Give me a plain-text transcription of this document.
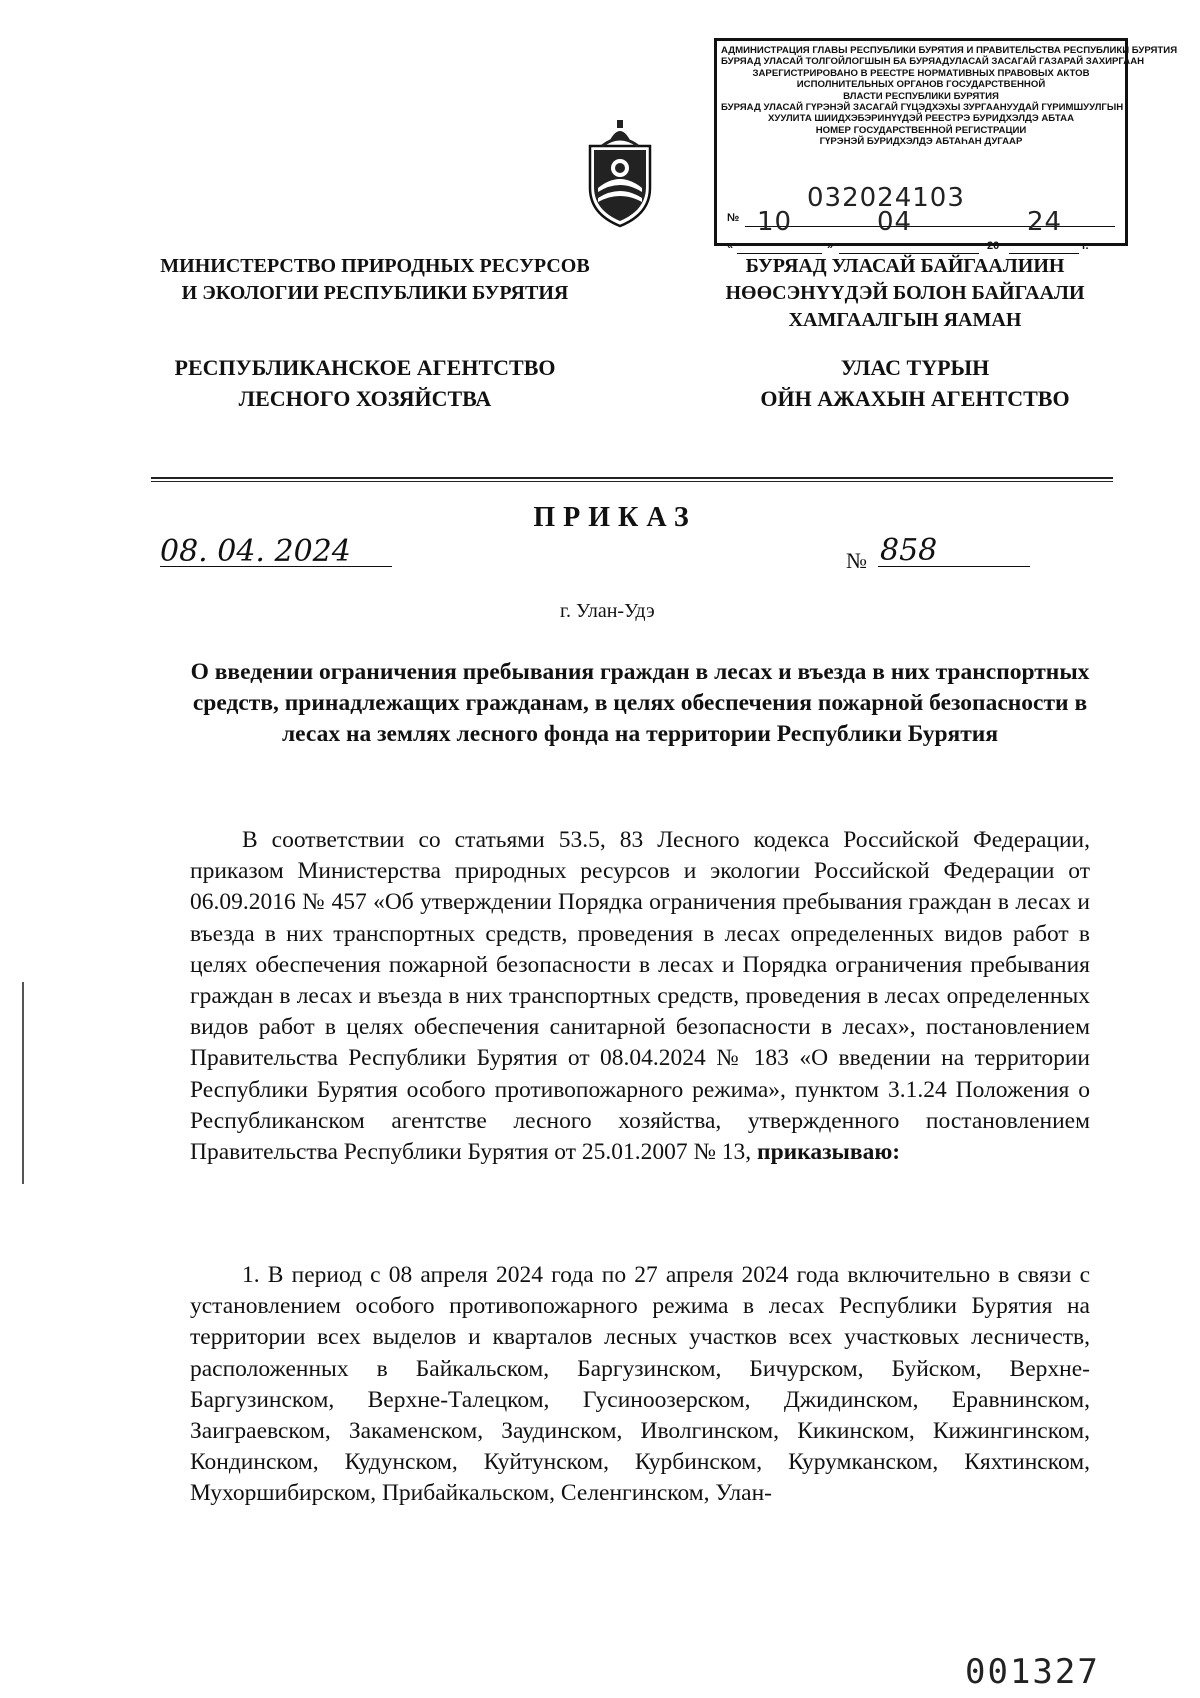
АДМИНИСТРАЦИЯ ГЛАВЫ РЕСПУБЛИКИ БУРЯТИЯ И ПРАВИТЕЛЬСТВА РЕСПУБЛИКИ БУРЯТИЯ
БУРЯАД УЛАСАЙ ТОЛГОЙЛОГШЫН БА БУРЯАДУЛАСАЙ ЗАСАГАЙ ГАЗАРАЙ ЗАХИРГААН
ЗАРЕГИСТРИРОВАНО В РЕЕСТРЕ НОРМАТИВНЫХ ПРАВОВЫХ АКТОВ
ИСПОЛНИТЕЛЬНЫХ ОРГАНОВ ГОСУДАРСТВЕННОЙ
ВЛАСТИ РЕСПУБЛИКИ БУРЯТИЯ
БУРЯАД УЛАСАЙ ГҮРЭНЭЙ ЗАСАГАЙ ГҮЦЭДХЭХЫ ЗУРГААНУУДАЙ ГҮРИМШУУЛГЫН
ХУУЛИТА ШИИДХЭБЭРИНҮҮДЭЙ РЕЕСТРЭ БУРИДХЭЛДЭ АБТАА
НОМЕР ГОСУДАРСТВЕННОЙ РЕГИСТРАЦИИ
ГҮРЭНЭЙ БУРИДХЭЛДЭ АБТАҺАН ДУГААР
№
032024103
«
10
»
04
20
24
г.
МИНИСТЕРСТВО ПРИРОДНЫХ РЕСУРСОВ
И ЭКОЛОГИИ РЕСПУБЛИКИ БУРЯТИЯ
РЕСПУБЛИКАНСКОЕ АГЕНТСТВО
ЛЕСНОГО ХОЗЯЙСТВА
БУРЯАД УЛАСАЙ БАЙГААЛИИН
НӨӨСЭНҮҮДЭЙ БОЛОН БАЙГААЛИ
ХАМГААЛГЫН ЯАМАН
УЛАС ТҮРЫН
ОЙН АЖАХЫН АГЕНТСТВО
ПРИКАЗ
08. 04. 2024	№ 858
г. Улан-Удэ
О введении ограничения пребывания граждан в лесах и въезда в них транспортных средств, принадлежащих гражданам, в целях обеспечения пожарной безопасности в лесах на землях лесного фонда на территории Республики Бурятия
В соответствии со статьями 53.5, 83 Лесного кодекса Российской Федерации, приказом Министерства природных ресурсов и экологии Российской Федерации от 06.09.2016 № 457 «Об утверждении Порядка ограничения пребывания граждан в лесах и въезда в них транспортных средств, проведения в лесах определенных видов работ в целях обеспечения пожарной безопасности в лесах и Порядка ограничения пребывания граждан в лесах и въезда в них транспортных средств, проведения в лесах определенных видов работ в целях обеспечения санитарной безопасности в лесах», постановлением Правительства Республики Бурятия от 08.04.2024 № 183 «О введении на территории Республики Бурятия особого противопожарного режима», пунктом 3.1.24 Положения о Республиканском агентстве лесного хозяйства, утвержденного постановлением Правительства Республики Бурятия от 25.01.2007 № 13, приказываю:
1. В период с 08 апреля 2024 года по 27 апреля 2024 года включительно в связи с установлением особого противопожарного режима в лесах Республики Бурятия на территории всех выделов и кварталов лесных участков всех участковых лесничеств, расположенных в Байкальском, Баргузинском, Бичурском, Буйском, Верхне-Баргузинском, Верхне-Талецком, Гусиноозерском, Джидинском, Еравнинском, Заиграевском, Закаменском, Заудинском, Иволгинском, Кикинском, Кижингинском, Кондинском, Кудунском, Куйтунском, Курбинском, Курумканском, Кяхтинском, Мухоршибирском, Прибайкальском, Селенгинском, Улан-
001327
